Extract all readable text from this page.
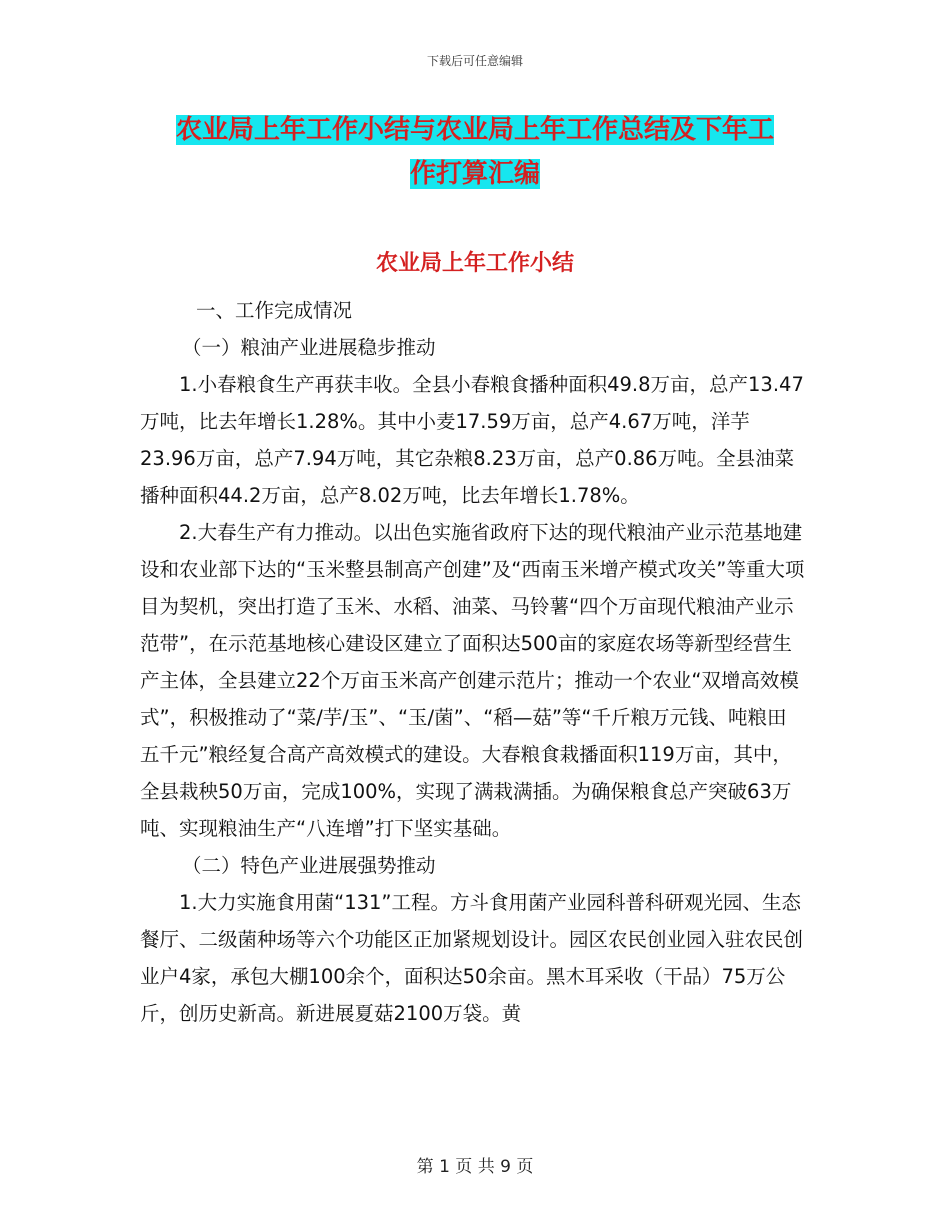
下载后可任意编辑
农业局上年工作小结与农业局上年工作总结及下年工
作打算汇编
农业局上年工作小结

一、工作完成情况

（一）粮油产业进展稳步推动

1.小春粮食生产再获丰收。全县小春粮食播种面积49.8万亩，总产13.47万吨，比去年增长1.28%。其中小麦17.59万亩，总产4.67万吨，洋芋23.96万亩，总产7.94万吨，其它杂粮8.23万亩，总产0.86万吨。全县油菜播种面积44.2万亩，总产8.02万吨，比去年增长1.78%。

2.大春生产有力推动。以出色实施省政府下达的现代粮油产业示范基地建设和农业部下达的“玉米整县制高产创建”及“西南玉米增产模式攻关”等重大项目为契机，突出打造了玉米、水稻、油菜、马铃薯“四个万亩现代粮油产业示范带”，在示范基地核心建设区建立了面积达500亩的家庭农场等新型经营生产主体，全县建立22个万亩玉米高产创建示范片；推动一个农业“双增高效模式”，积极推动了“菜/芋/玉”、“玉/菌”、“稻—菇”等“千斤粮万元钱、吨粮田五千元”粮经复合高产高效模式的建设。大春粮食栽播面积119万亩，其中，全县栽秧50万亩，完成100%，实现了满栽满插。为确保粮食总产突破63万吨、实现粮油生产“八连增”打下坚实基础。

（二）特色产业进展强势推动

1.大力实施食用菌“131”工程。方斗食用菌产业园科普科研观光园、生态餐厅、二级菌种场等六个功能区正加紧规划设计。园区农民创业园入驻农民创业户4家，承包大棚100余个，面积达50余亩。黑木耳采收（干品）75万公斤，创历史新高。新进展夏菇2100万袋。黄

第 1 页 共 9 页
